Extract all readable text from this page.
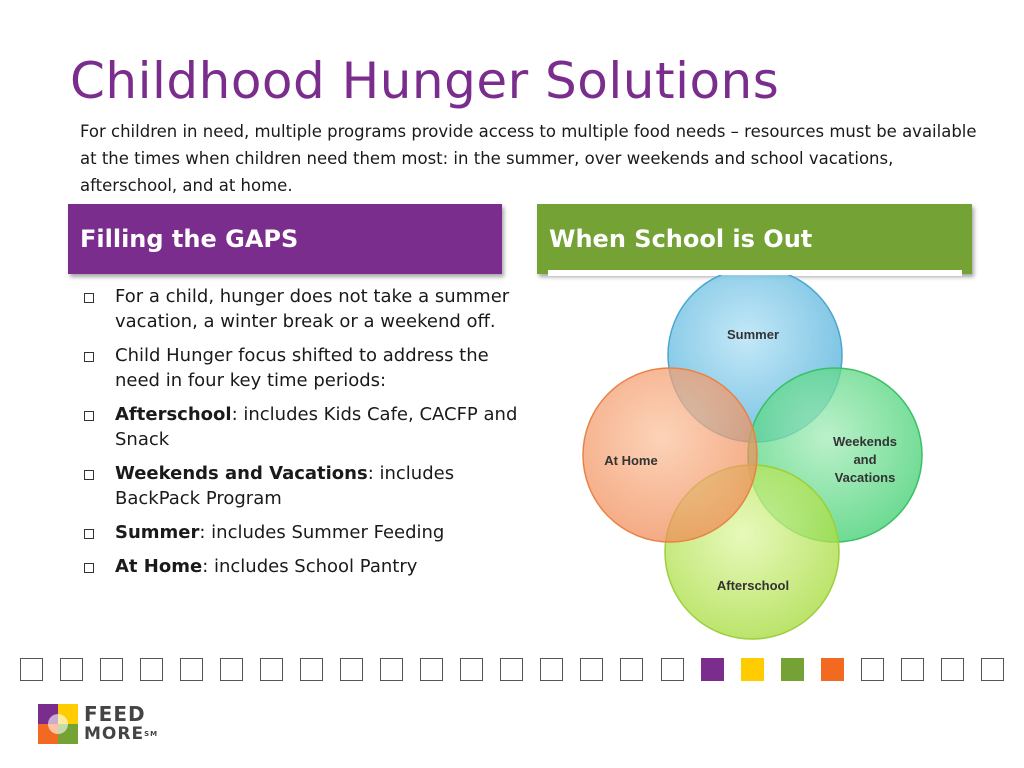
Childhood Hunger Solutions

For children in need, multiple programs provide access to multiple food needs – resources must be available at the times when children need them most: in the summer, over weekends and school vacations, afterschool, and at home.

Filling the GAPS	When School is Out
For a child, hunger does not take a summer vacation, a winter break or a weekend off.
Child Hunger focus shifted to address the need in four key time periods:
Afterschool: includes Kids Cafe, CACFP and Snack
Weekends and Vacations: includes BackPack Program
Summer: includes Summer Feeding
At Home: includes School Pantry
Summer
Weekends
and
Vacations
At Home
Afterschool
FEED
MORE℠
